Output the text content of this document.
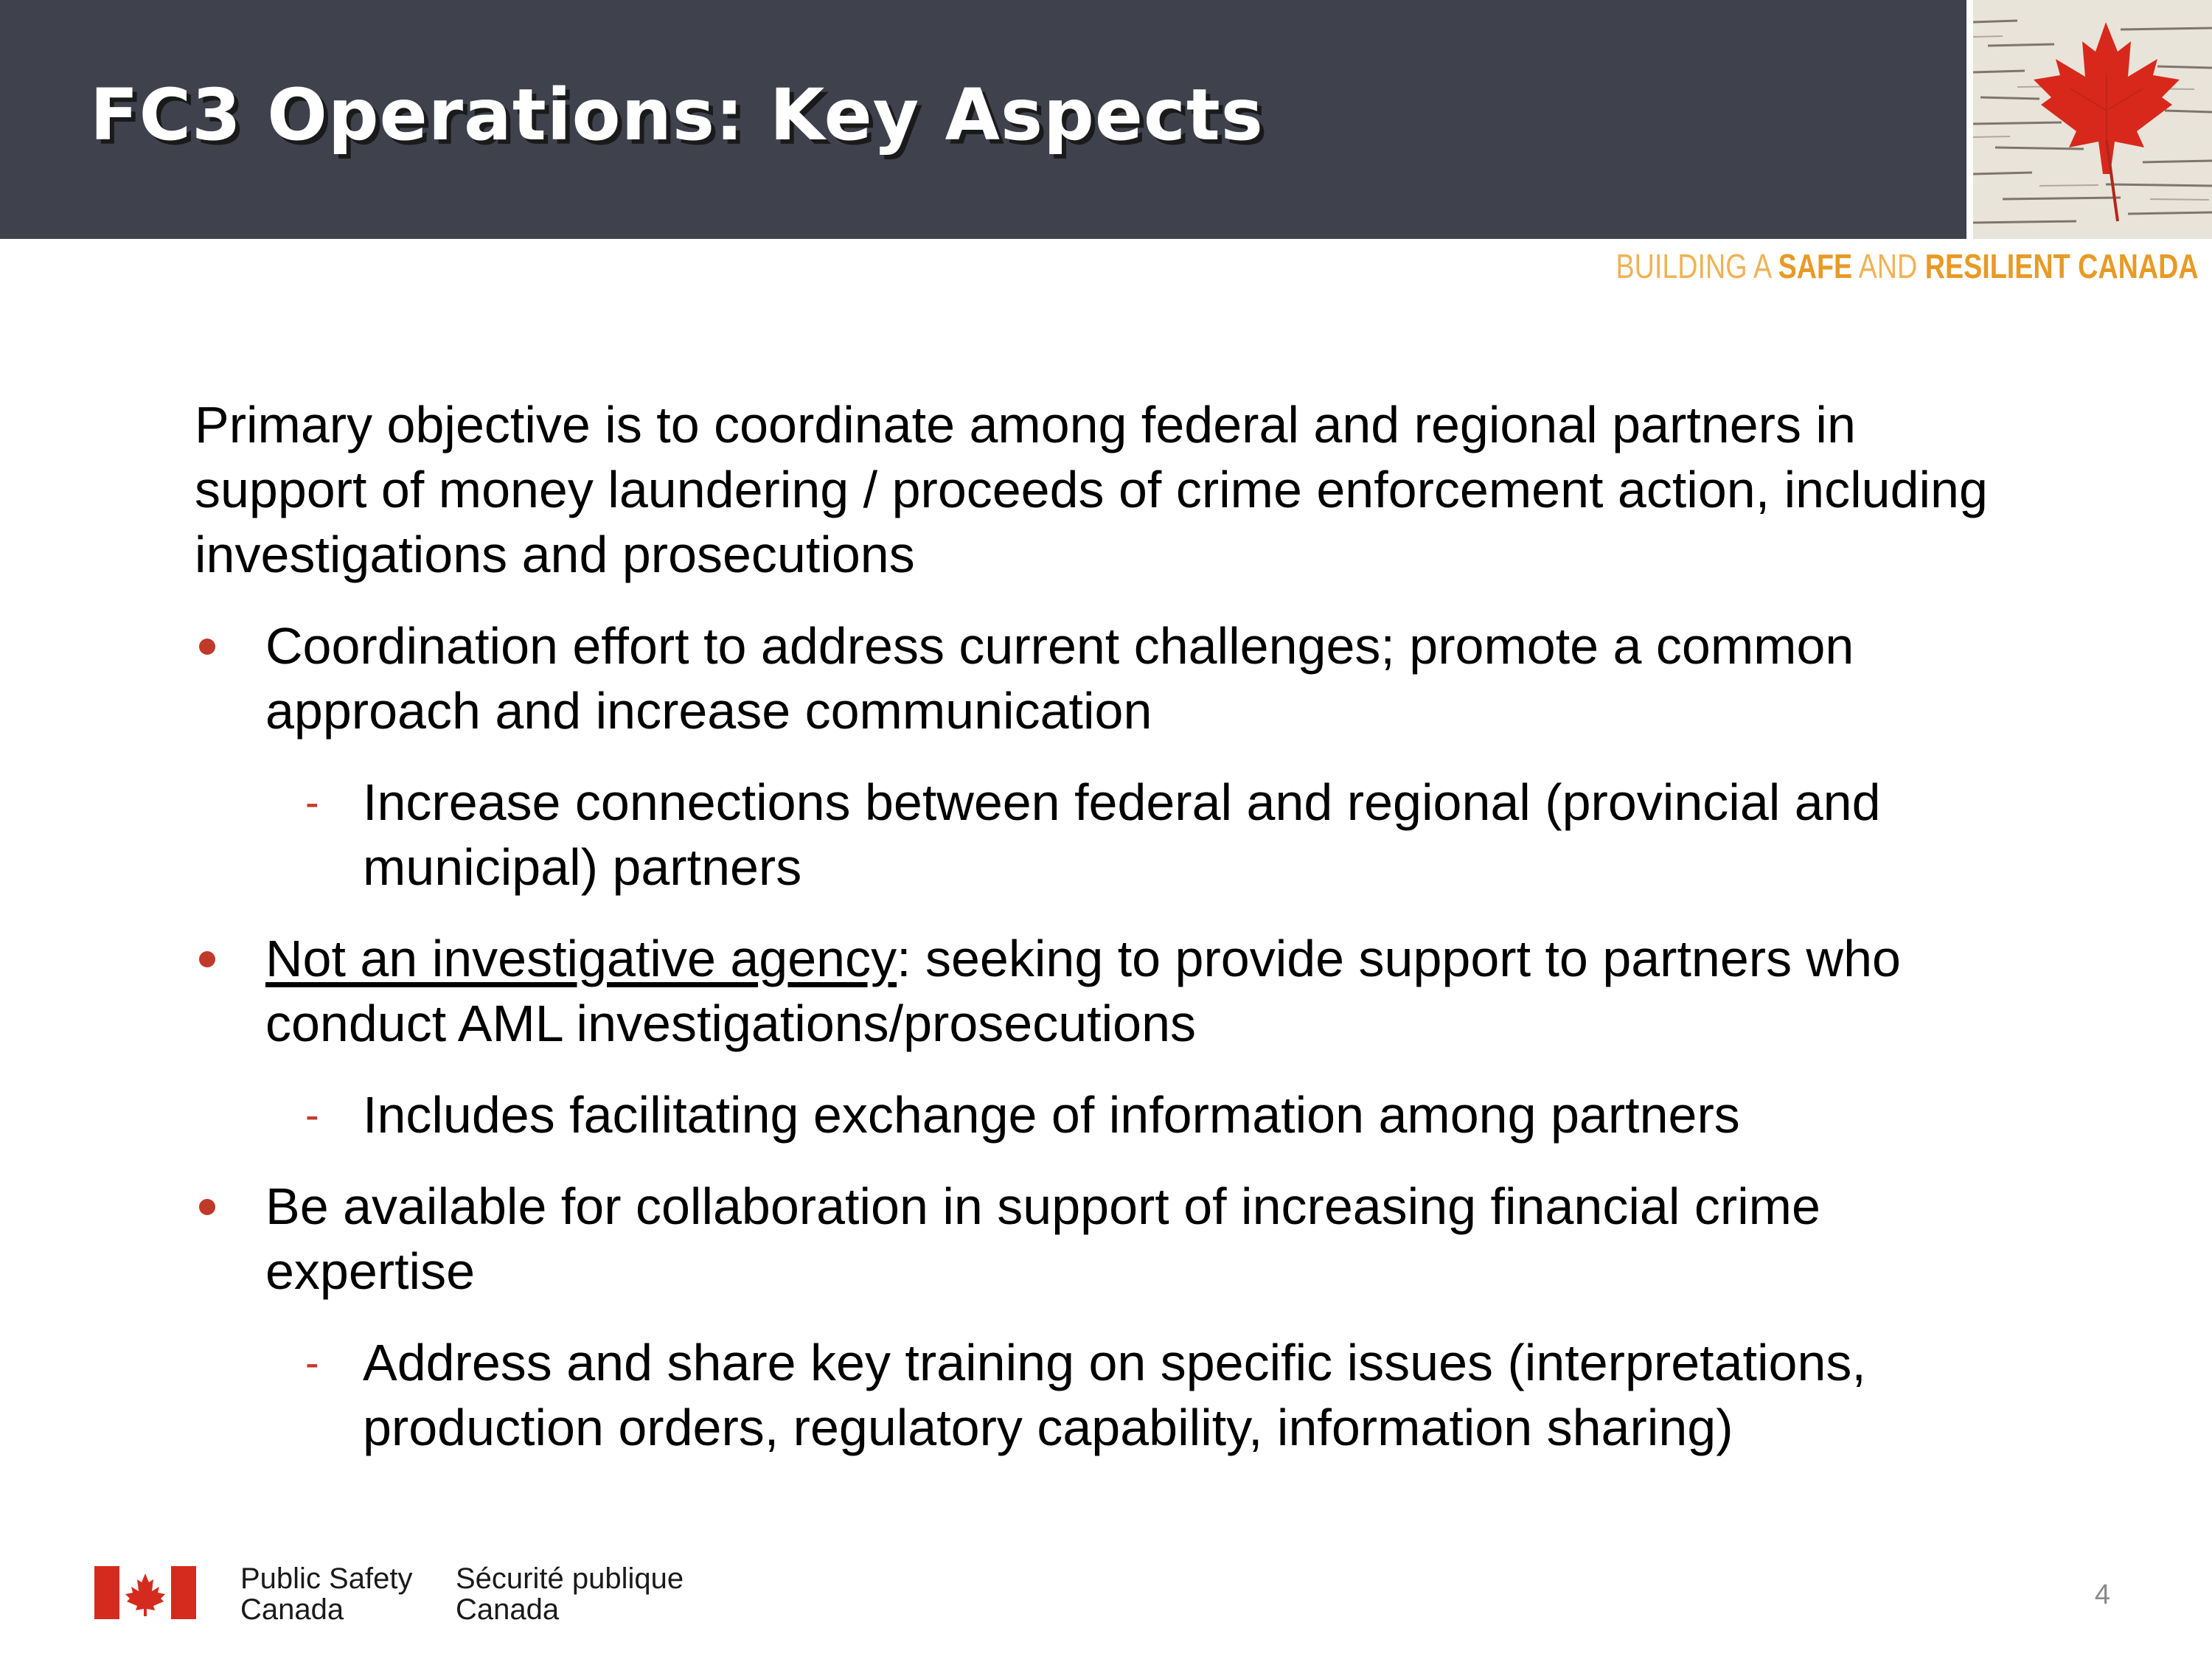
FC3 Operations: Key Aspects
BUILDING A SAFE AND RESILIENT CANADA

Primary objective is to coordinate among federal and regional partners in support of money laundering / proceeds of crime enforcement action, including investigations and prosecutions

Coordination effort to address current challenges; promote a common approach and increase communication
- Increase connections between federal and regional (provincial and municipal) partners
Not an investigative agency: seeking to provide support to partners who conduct AML investigations/prosecutions
- Includes facilitating exchange of information among partners
Be available for collaboration in support of increasing financial crime expertise
- Address and share key training on specific issues (interpretations, production orders, regulatory capability, information sharing)
Public Safety
Canada
Sécurité publique
Canada	4
